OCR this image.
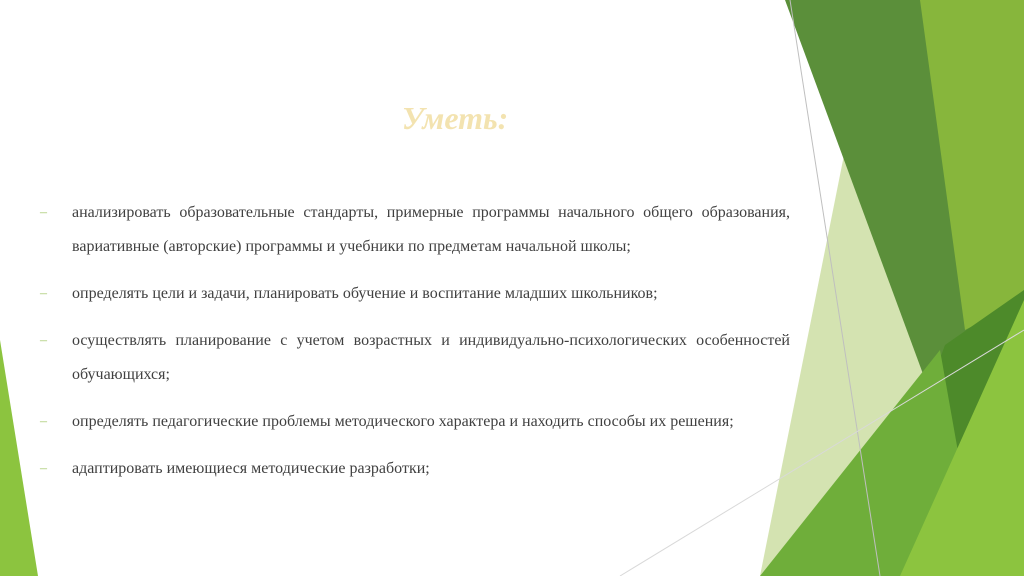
Уметь:
–	анализировать образовательные стандарты, примерные программы начального общего образования, вариативные (авторские) программы и учебники по предметам начальной школы;
–	определять цели и задачи, планировать обучение и воспитание младших школьников;
–	осуществлять планирование с учетом возрастных и индивидуально-психологических особенностей обучающихся;
–	определять педагогические проблемы методического характера и находить способы их решения;
–	адаптировать имеющиеся методические разработки;
